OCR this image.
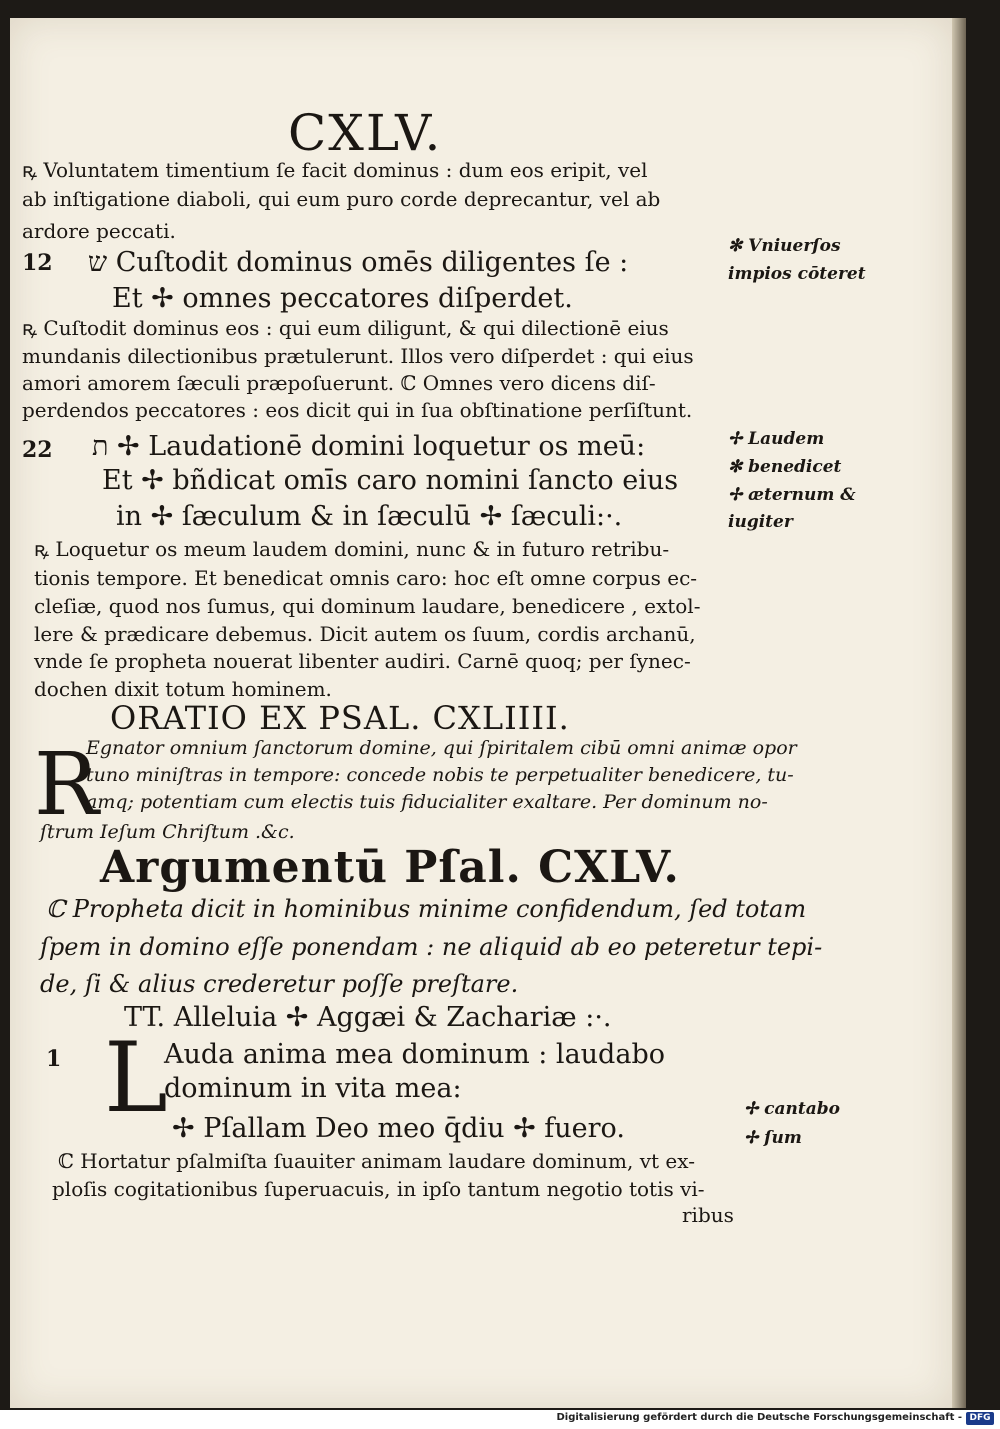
CXLV.
ꝶ Voluntatem timentium ſe facit dominus : dum eos eripit, vel
ab inſtigatione diaboli, qui eum puro corde deprecantur, vel ab
ardore peccati.
12 ש Cuſtodit dominus omēs diligentes ſe :
Et ✢ omnes peccatores diſperdet.
ꝶ Cuſtodit dominus eos : qui eum diligunt, & qui dilectionē eius
mundanis dilectionibus prætulerunt. Illos vero diſperdet : qui eius
amori amorem ſæculi præpoſuerunt. ℂ Omnes vero dicens diſ-
perdendos peccatores : eos dicit qui in ſua obſtinatione perſiſtunt.
22 ת ✢ Laudationē domini loquetur os meū:
Et ✢ bñdicat omīs caro nomini ſancto eius
in ✢ ſæculum & in ſæculū ✢ ſæculi:·.
ꝶ Loquetur os meum laudem domini, nunc & in futuro retribu-
tionis tempore. Et benedicat omnis caro: hoc eſt omne corpus ec-
cleſiæ, quod nos ſumus, qui dominum laudare, benedicere , extol-
lere & prædicare debemus. Dicit autem os ſuum, cordis archanū,
vnde ſe propheta nouerat libenter audiri. Carnē quoq; per ſynec-
dochen dixit totum hominem.
ORATIO EX PSAL. CXLIIII.
R
Egnator omnium ſanctorum domine, qui ſpiritalem cibū omni animæ opor
tuno miniſtras in tempore: concede nobis te perpetualiter benedicere, tu-
amq; potentiam cum electis tuis fiducialiter exaltare. Per dominum no-
ſtrum Ieſum Chriſtum .&c.
Argumentū Pſal. CXLV.
ℂ Propheta dicit in hominibus minime confidendum, ſed totam
ſpem in domino eſſe ponendam : ne aliquid ab eo peteretur tepi-
de, ſi & alius crederetur poſſe preſtare.
TT. Alleluia ✢ Aggæi & Zachariæ :·.
1 L
Auda anima mea dominum : laudabo
dominum in vita mea:
✢ Pſallam Deo meo q̄diu ✢ fuero.
ℂ Hortatur pſalmiſta ſuauiter animam laudare dominum, vt ex-
ploſis cogitationibus ſuperuacuis, in ipſo tantum negotio totis vi-
ribus
✻ Vniuerſos
impios cōteret
✢ Laudem
✻ benedicet
✢ æternum &
iugiter
✢ cantabo
✢ ſum
Digitalisierung gefördert durch die Deutsche Forschungsgemeinschaft - DFG
